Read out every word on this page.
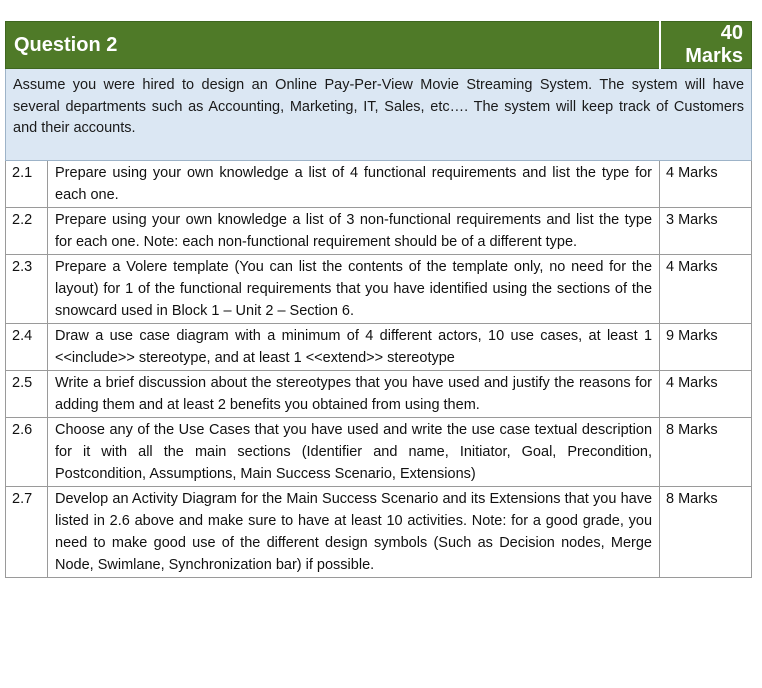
Question 2		40 Marks
Assume you were hired to design an Online Pay-Per-View Movie Streaming System. The system will have several departments such as Accounting, Marketing, IT, Sales, etc…. The system will keep track of Customers and their accounts.		
2.1	Prepare using your own knowledge a list of 4 functional requirements and list the type for each one.	4 Marks
2.2	Prepare using your own knowledge a list of 3 non-functional requirements and list the type for each one. Note: each non-functional requirement should be of a different type.	3 Marks
2.3	Prepare a Volere template (You can list the contents of the template only, no need for the layout) for 1 of the functional requirements that you have identified using the sections of the snowcard used in Block 1 – Unit 2 – Section 6.	4 Marks
2.4	Draw a use case diagram with a minimum of 4 different actors, 10 use cases, at least 1 <<include>> stereotype, and at least 1 <<extend>> stereotype	9 Marks
2.5	Write a brief discussion about the stereotypes that you have used and justify the reasons for adding them and at least 2 benefits you obtained from using them.	4 Marks
2.6	Choose any of the Use Cases that you have used and write the use case textual description for it with all the main sections (Identifier and name, Initiator, Goal, Precondition, Postcondition, Assumptions, Main Success Scenario, Extensions)	8 Marks
2.7	Develop an Activity Diagram for the Main Success Scenario and its Extensions that you have listed in 2.6 above and make sure to have at least 10 activities. Note: for a good grade, you need to make good use of the different design symbols (Such as Decision nodes, Merge Node, Swimlane, Synchronization bar) if possible.	8 Marks
